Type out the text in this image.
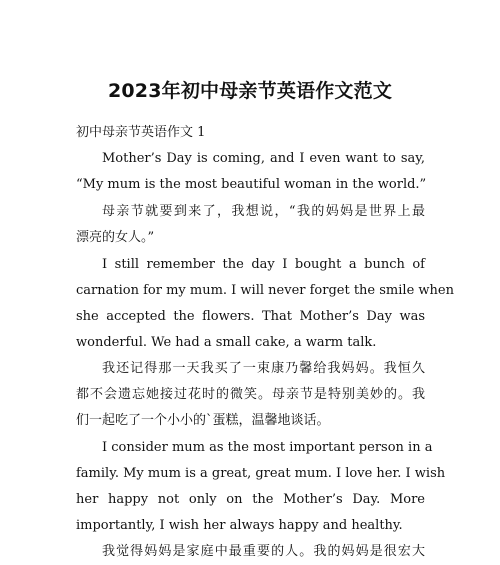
2023年初中母亲节英语作文范文
初中母亲节英语作文 1
Mother’s Day is coming, and I even want to say,
“My mum is the most beautiful woman in the world.”
母亲节就要到来了，我想说，“我的妈妈是世界上最
漂亮的女人。”
I still remember the day I bought a bunch of
carnation for my mum. I will never forget the smile when
she accepted the flowers. That Mother’s Day was
wonderful. We had a small cake, a warm talk.
我还记得那一天我买了一束康乃馨给我妈妈。我恒久
都不会遗忘她接过花时的微笑。母亲节是特别美妙的。我
们一起吃了一个小小的`蛋糕，温馨地谈话。
I consider mum as the most important person in a
family. My mum is a great, great mum. I love her. I wish
her happy not only on the Mother’s Day. More
importantly, I wish her always happy and healthy.
我觉得妈妈是家庭中最重要的人。我的妈妈是很宏大
